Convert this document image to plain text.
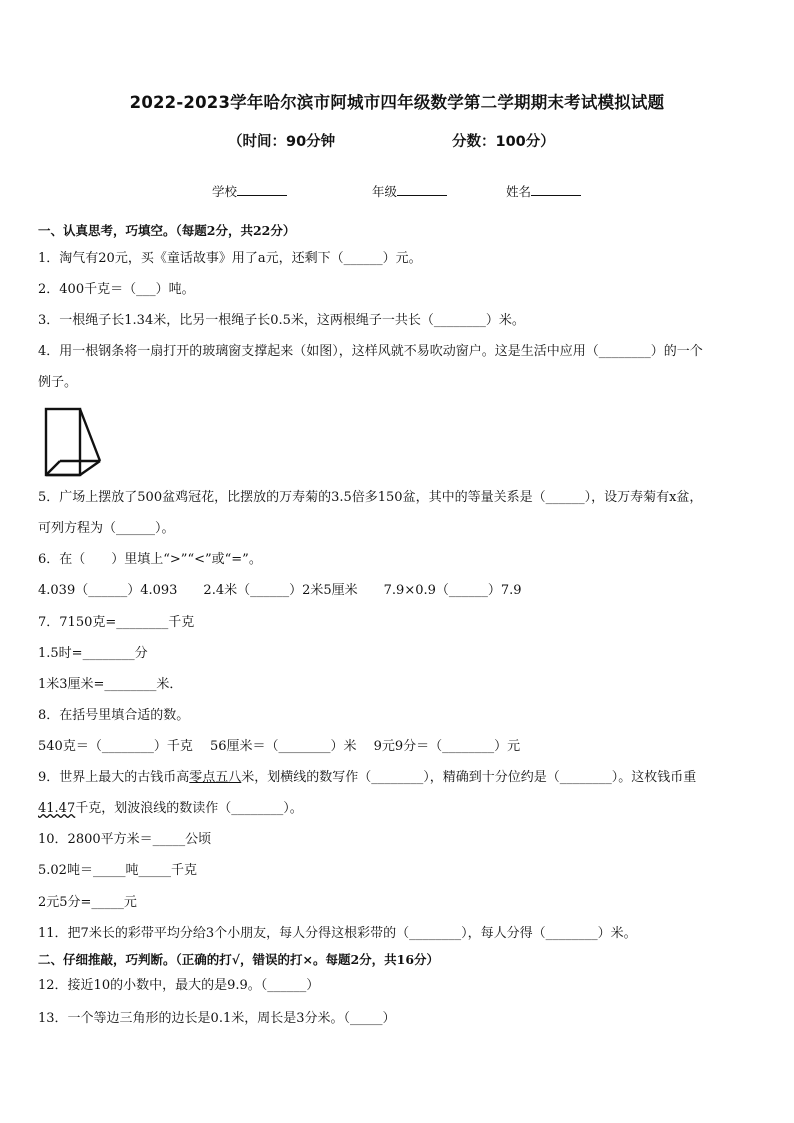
2022-2023学年哈尔滨市阿城市四年级数学第二学期期末考试模拟试题
（时间：90分钟	分数：100分）
学校	年级	姓名
一、认真思考，巧填空。（每题2分，共22分）
1．淘气有20元，买《童话故事》用了a元，还剩下（______）元。
2．400千克＝（___）吨。
3．一根绳子长1.34米，比另一根绳子长0.5米，这两根绳子一共长（________）米。
4．用一根钢条将一扇打开的玻璃窗支撑起来（如图），这样风就不易吹动窗户。这是生活中应用（________）的一个
例子。
5．广场上摆放了500盆鸡冠花，比摆放的万寿菊的3.5倍多150盆，其中的等量关系是（______），设万寿菊有x盆，
可列方程为（______）。
6．在（　　）里填上“>”“<”或“=”。
4.039（______）4.093　　2.4米（______）2米5厘米　　7.9×0.9（______）7.9
7．7150克=________千克
1.5时=________分
1米3厘米=________米．
8．在括号里填合适的数。
540克＝（________）千克　 56厘米＝（________）米　 9元9分＝（________）元
9．世界上最大的古钱币高零点五八米，划横线的数写作（________），精确到十分位约是（________）。这枚钱币重
41.47千克，划波浪线的数读作（________）。
10．2800平方米＝_____公顷
5.02吨＝_____吨_____千克
2元5分=_____元
11．把7米长的彩带平均分给3个小朋友，每人分得这根彩带的（________），每人分得（________）米。
二、仔细推敲，巧判断。（正确的打√，错误的打×。每题2分，共16分）
12．接近10的小数中，最大的是9.9。（______）
13．一个等边三角形的边长是0.1米，周长是3分米。（_____）
